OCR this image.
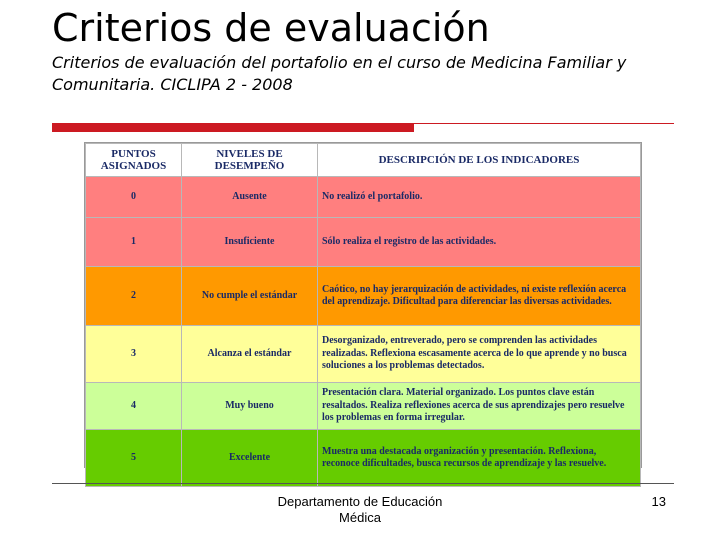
Criterios de evaluación

Criterios de evaluación del portafolio en el curso de Medicina Familiar y Comunitaria. CICLIPA 2 - 2008

PUNTOS ASIGNADOS	NIVELES DE DESEMPEÑO	DESCRIPCIÓN DE LOS INDICADORES
0	Ausente	No realizó el portafolio.
1	Insuficiente	Sólo realiza el registro de las actividades.
2	No cumple el estándar	Caótico, no hay jerarquización de actividades, ni existe reflexión acerca del aprendizaje. Dificultad para diferenciar las diversas actividades.
3	Alcanza el estándar	Desorganizado, entreverado, pero se comprenden las actividades realizadas. Reflexiona escasamente acerca de lo que aprende y no busca soluciones a los problemas detectados.
4	Muy bueno	Presentación clara. Material organizado. Los puntos clave están resaltados. Realiza reflexiones acerca de sus aprendizajes pero resuelve los problemas en forma irregular.
5	Excelente	Muestra una destacada organización y presentación. Reflexiona, reconoce dificultades, busca recursos de aprendizaje y las resuelve.
Departamento de Educación Médica
13
